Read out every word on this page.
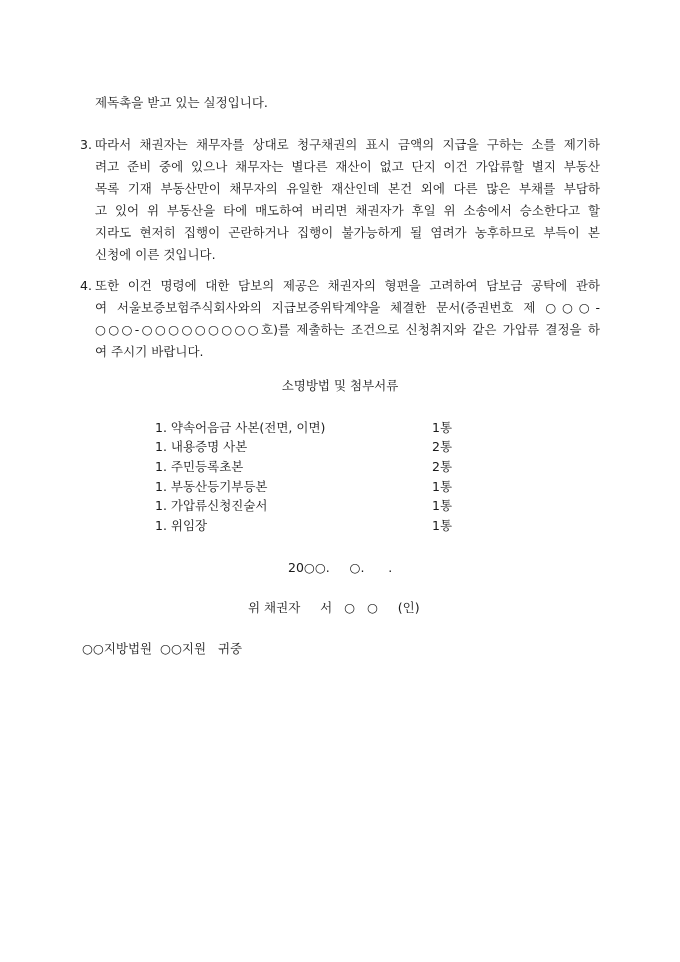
제독촉을 받고 있는 실정입니다.
3. 따라서 채권자는 채무자를 상대로 청구채권의 표시 금액의 지급을 구하는 소를 제기하
려고 준비 중에 있으나 채무자는 별다른 재산이 없고 단지 이건 가압류할 별지 부동산
목록 기재 부동산만이 채무자의 유일한 재산인데 본건 외에 다른 많은 부채를 부담하
고 있어 위 부동산을 타에 매도하여 버리면 채권자가 후일 위 소송에서 승소한다고 할
지라도 현저히 집행이 곤란하거나 집행이 불가능하게 될 염려가 농후하므로 부득이 본
신청에 이른 것입니다.
4. 또한 이건 명령에 대한 담보의 제공은 채권자의 형편을 고려하여 담보금 공탁에 관하
여 서울보증보험주식회사와의 지급보증위탁계약을 체결한 문서(증권번호 제 ○○○-
○○○-○○○○○○○○○호)를 제출하는 조건으로 신청취지와 같은 가압류 결정을 하
여 주시기 바랍니다.
소명방법 및 첨부서류
1. 약속어음금 사본(전면, 이면)	1통
1. 내용증명 사본	2통
1. 주민등록초본	2통
1. 부동산등기부등본	1통
1. 가압류신청진술서	1통
1. 위임장	1통
20○○.     ○.      .
위 채권자     서   ○   ○     (인)
○○지방법원  ○○지원   귀중
